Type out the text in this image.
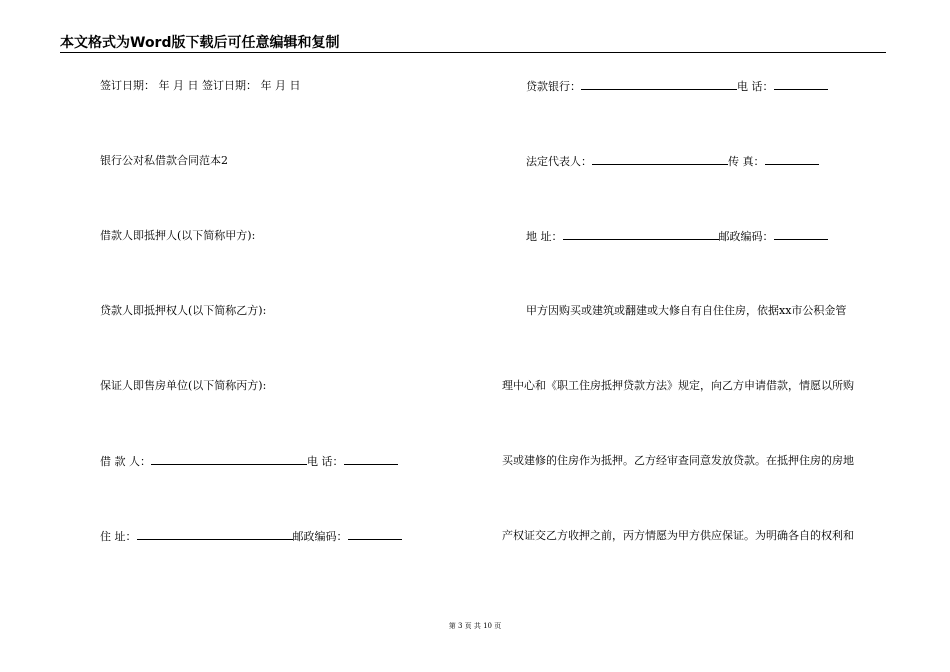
本文格式为Word版下载后可任意编辑和复制
签订日期： 年 月 日 签订日期： 年 月 日
银行公对私借款合同范本2
借款人即抵押人(以下简称甲方):
贷款人即抵押权人(以下简称乙方):
保证人即售房单位(以下简称丙方):
借 款 人：	电 话：
住 址：	邮政编码：
贷款银行：	电 话：
法定代表人：	传 真：
地 址：	邮政编码：
甲方因购买或建筑或翻建或大修自有自住住房，依据xx市公积金管
理中心和《职工住房抵押贷款方法》规定，向乙方申请借款，情愿以所购
买或建修的住房作为抵押。乙方经审查同意发放贷款。在抵押住房的房地
产权证交乙方收押之前，丙方情愿为甲方供应保证。为明确各自的权利和
第 3 页 共 10 页
